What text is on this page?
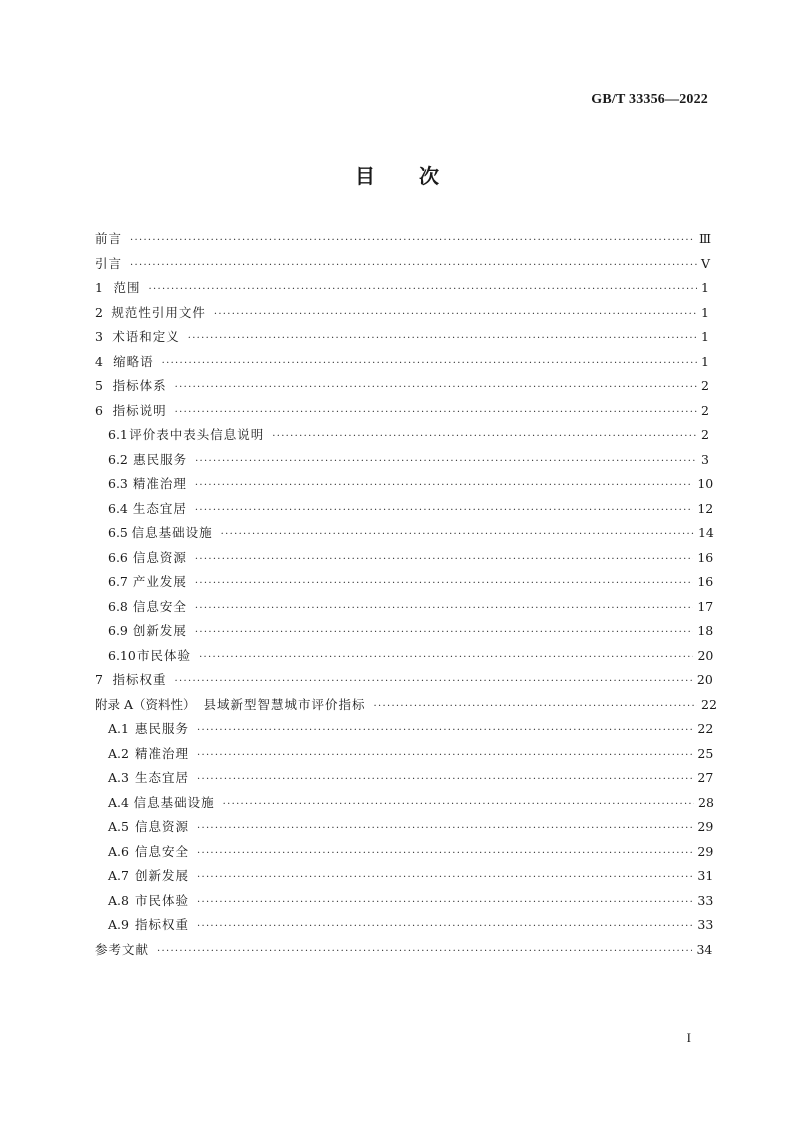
GB/T 33356—2022
目 次
前言 ·····	Ⅲ
引言 ·····	Ⅴ
1 范围 ·····	1
2 规范性引用文件 ·····	1
3 术语和定义 ·····	1
4 缩略语 ·····	1
5 指标体系 ·····	2
6 指标说明 ·····	2
6.1 评价表中表头信息说明 ·····	2
6.2 惠民服务 ·····	3
6.3 精准治理 ·····	10
6.4 生态宜居 ·····	12
6.5 信息基础设施 ·····	14
6.6 信息资源 ·····	16
6.7 产业发展 ·····	16
6.8 信息安全 ·····	17
6.9 创新发展 ·····	18
6.10 市民体验 ·····	20
7 指标权重 ·····	20
附录 A（资料性） 县域新型智慧城市评价指标 ·····	22
A.1 惠民服务 ·····	22
A.2 精准治理 ·····	25
A.3 生态宜居 ·····	27
A.4 信息基础设施 ·····	28
A.5 信息资源 ·····	29
A.6 信息安全 ·····	29
A.7 创新发展 ·····	31
A.8 市民体验 ·····	33
A.9 指标权重 ·····	33
参考文献 ·····	34
I
